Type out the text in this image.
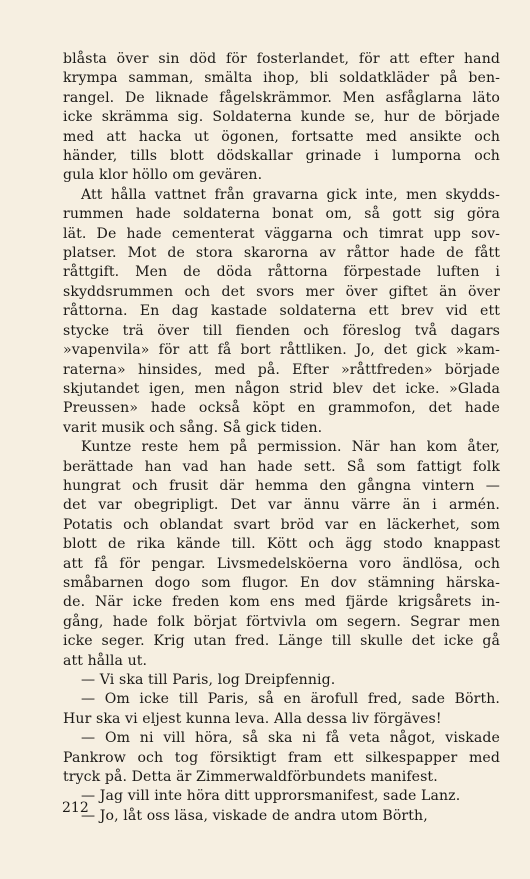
blåsta över sin död för fosterlandet, för att efter hand
krympa samman, smälta ihop, bli soldatkläder på ben-
rangel. De liknade fågelskrämmor. Men asfåglarna läto
icke skrämma sig. Soldaterna kunde se, hur de började
med att hacka ut ögonen, fortsatte med ansikte och
händer, tills blott dödskallar grinade i lumporna och
gula klor höllo om gevären.
Att hålla vattnet från gravarna gick inte, men skydds-
rummen hade soldaterna bonat om, så gott sig göra
lät. De hade cementerat väggarna och timrat upp sov-
platser. Mot de stora skarorna av råttor hade de fått
råttgift. Men de döda råttorna förpestade luften i
skyddsrummen och det svors mer över giftet än över
råttorna. En dag kastade soldaterna ett brev vid ett
stycke trä över till fienden och föreslog två dagars
»vapenvila» för att få bort råttliken. Jo, det gick »kam-
raterna» hinsides, med på. Efter »råttfreden» började
skjutandet igen, men någon strid blev det icke. »Glada
Preussen» hade också köpt en grammofon, det hade
varit musik och sång. Så gick tiden.
Kuntze reste hem på permission. När han kom åter,
berättade han vad han hade sett. Så som fattigt folk
hungrat och frusit där hemma den gångna vintern —
det var obegripligt. Det var ännu värre än i armén.
Potatis och oblandat svart bröd var en läckerhet, som
blott de rika kände till. Kött och ägg stodo knappast
att få för pengar. Livsmedelsköerna voro ändlösa, och
småbarnen dogo som flugor. En dov stämning härska-
de. När icke freden kom ens med fjärde krigsårets in-
gång, hade folk börjat förtvivla om segern. Segrar men
icke seger. Krig utan fred. Länge till skulle det icke gå
att hålla ut.
— Vi ska till Paris, log Dreipfennig.
— Om icke till Paris, så en ärofull fred, sade Börth.
Hur ska vi eljest kunna leva. Alla dessa liv förgäves!
— Om ni vill höra, så ska ni få veta något, viskade
Pankrow och tog försiktigt fram ett silkespapper med
tryck på. Detta är Zimmerwaldförbundets manifest.
— Jag vill inte höra ditt upprorsmanifest, sade Lanz.
— Jo, låt oss läsa, viskade de andra utom Börth,
212
